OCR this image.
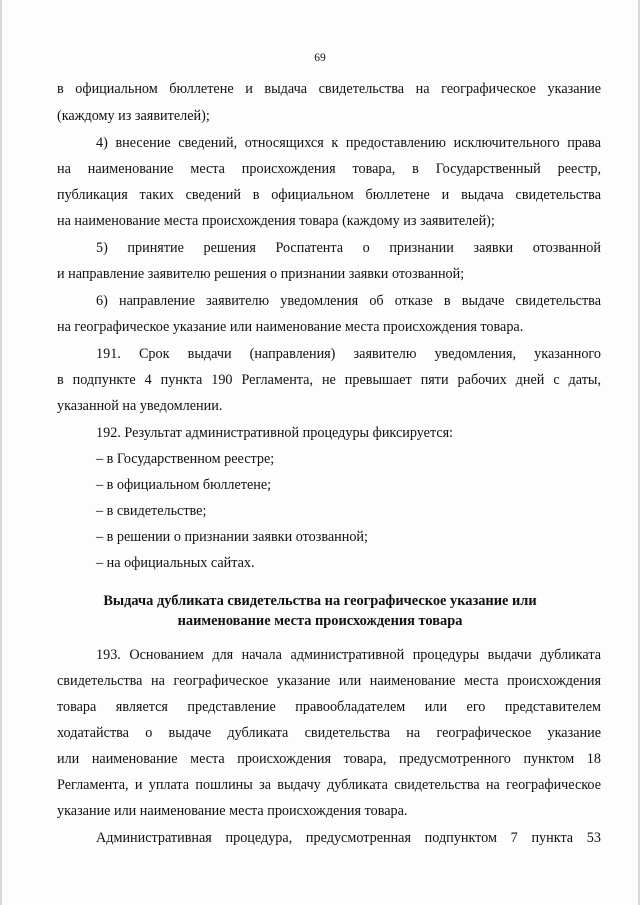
69
в официальном бюллетене и выдача свидетельства на географическое указание
(каждому из заявителей);
4) внесение сведений, относящихся к предоставлению исключительного права
на наименование места происхождения товара, в Государственный реестр,
публикация таких сведений в официальном бюллетене и выдача свидетельства
на наименование места происхождения товара (каждому из заявителей);
5) принятие решения Роспатента о признании заявки отозванной
и направление заявителю решения о признании заявки отозванной;
6) направление заявителю уведомления об отказе в выдаче свидетельства
на географическое указание или наименование места происхождения товара.
191. Срок выдачи (направления) заявителю уведомления, указанного
в подпункте 4 пункта 190 Регламента, не превышает пяти рабочих дней с даты,
указанной на уведомлении.
192. Результат административной процедуры фиксируется:
– в Государственном реестре;
– в официальном бюллетене;
– в свидетельстве;
– в решении о признании заявки отозванной;
– на официальных сайтах.
Выдача дубликата свидетельства на географическое указание или
наименование места происхождения товара
193. Основанием для начала административной процедуры выдачи дубликата
свидетельства на географическое указание или наименование места происхождения
товара является представление правообладателем или его представителем
ходатайства о выдаче дубликата свидетельства на географическое указание
или наименование места происхождения товара, предусмотренного пунктом 18
Регламента, и уплата пошлины за выдачу дубликата свидетельства на географическое
указание или наименование места происхождения товара.
Административная процедура, предусмотренная подпунктом 7 пункта 53
